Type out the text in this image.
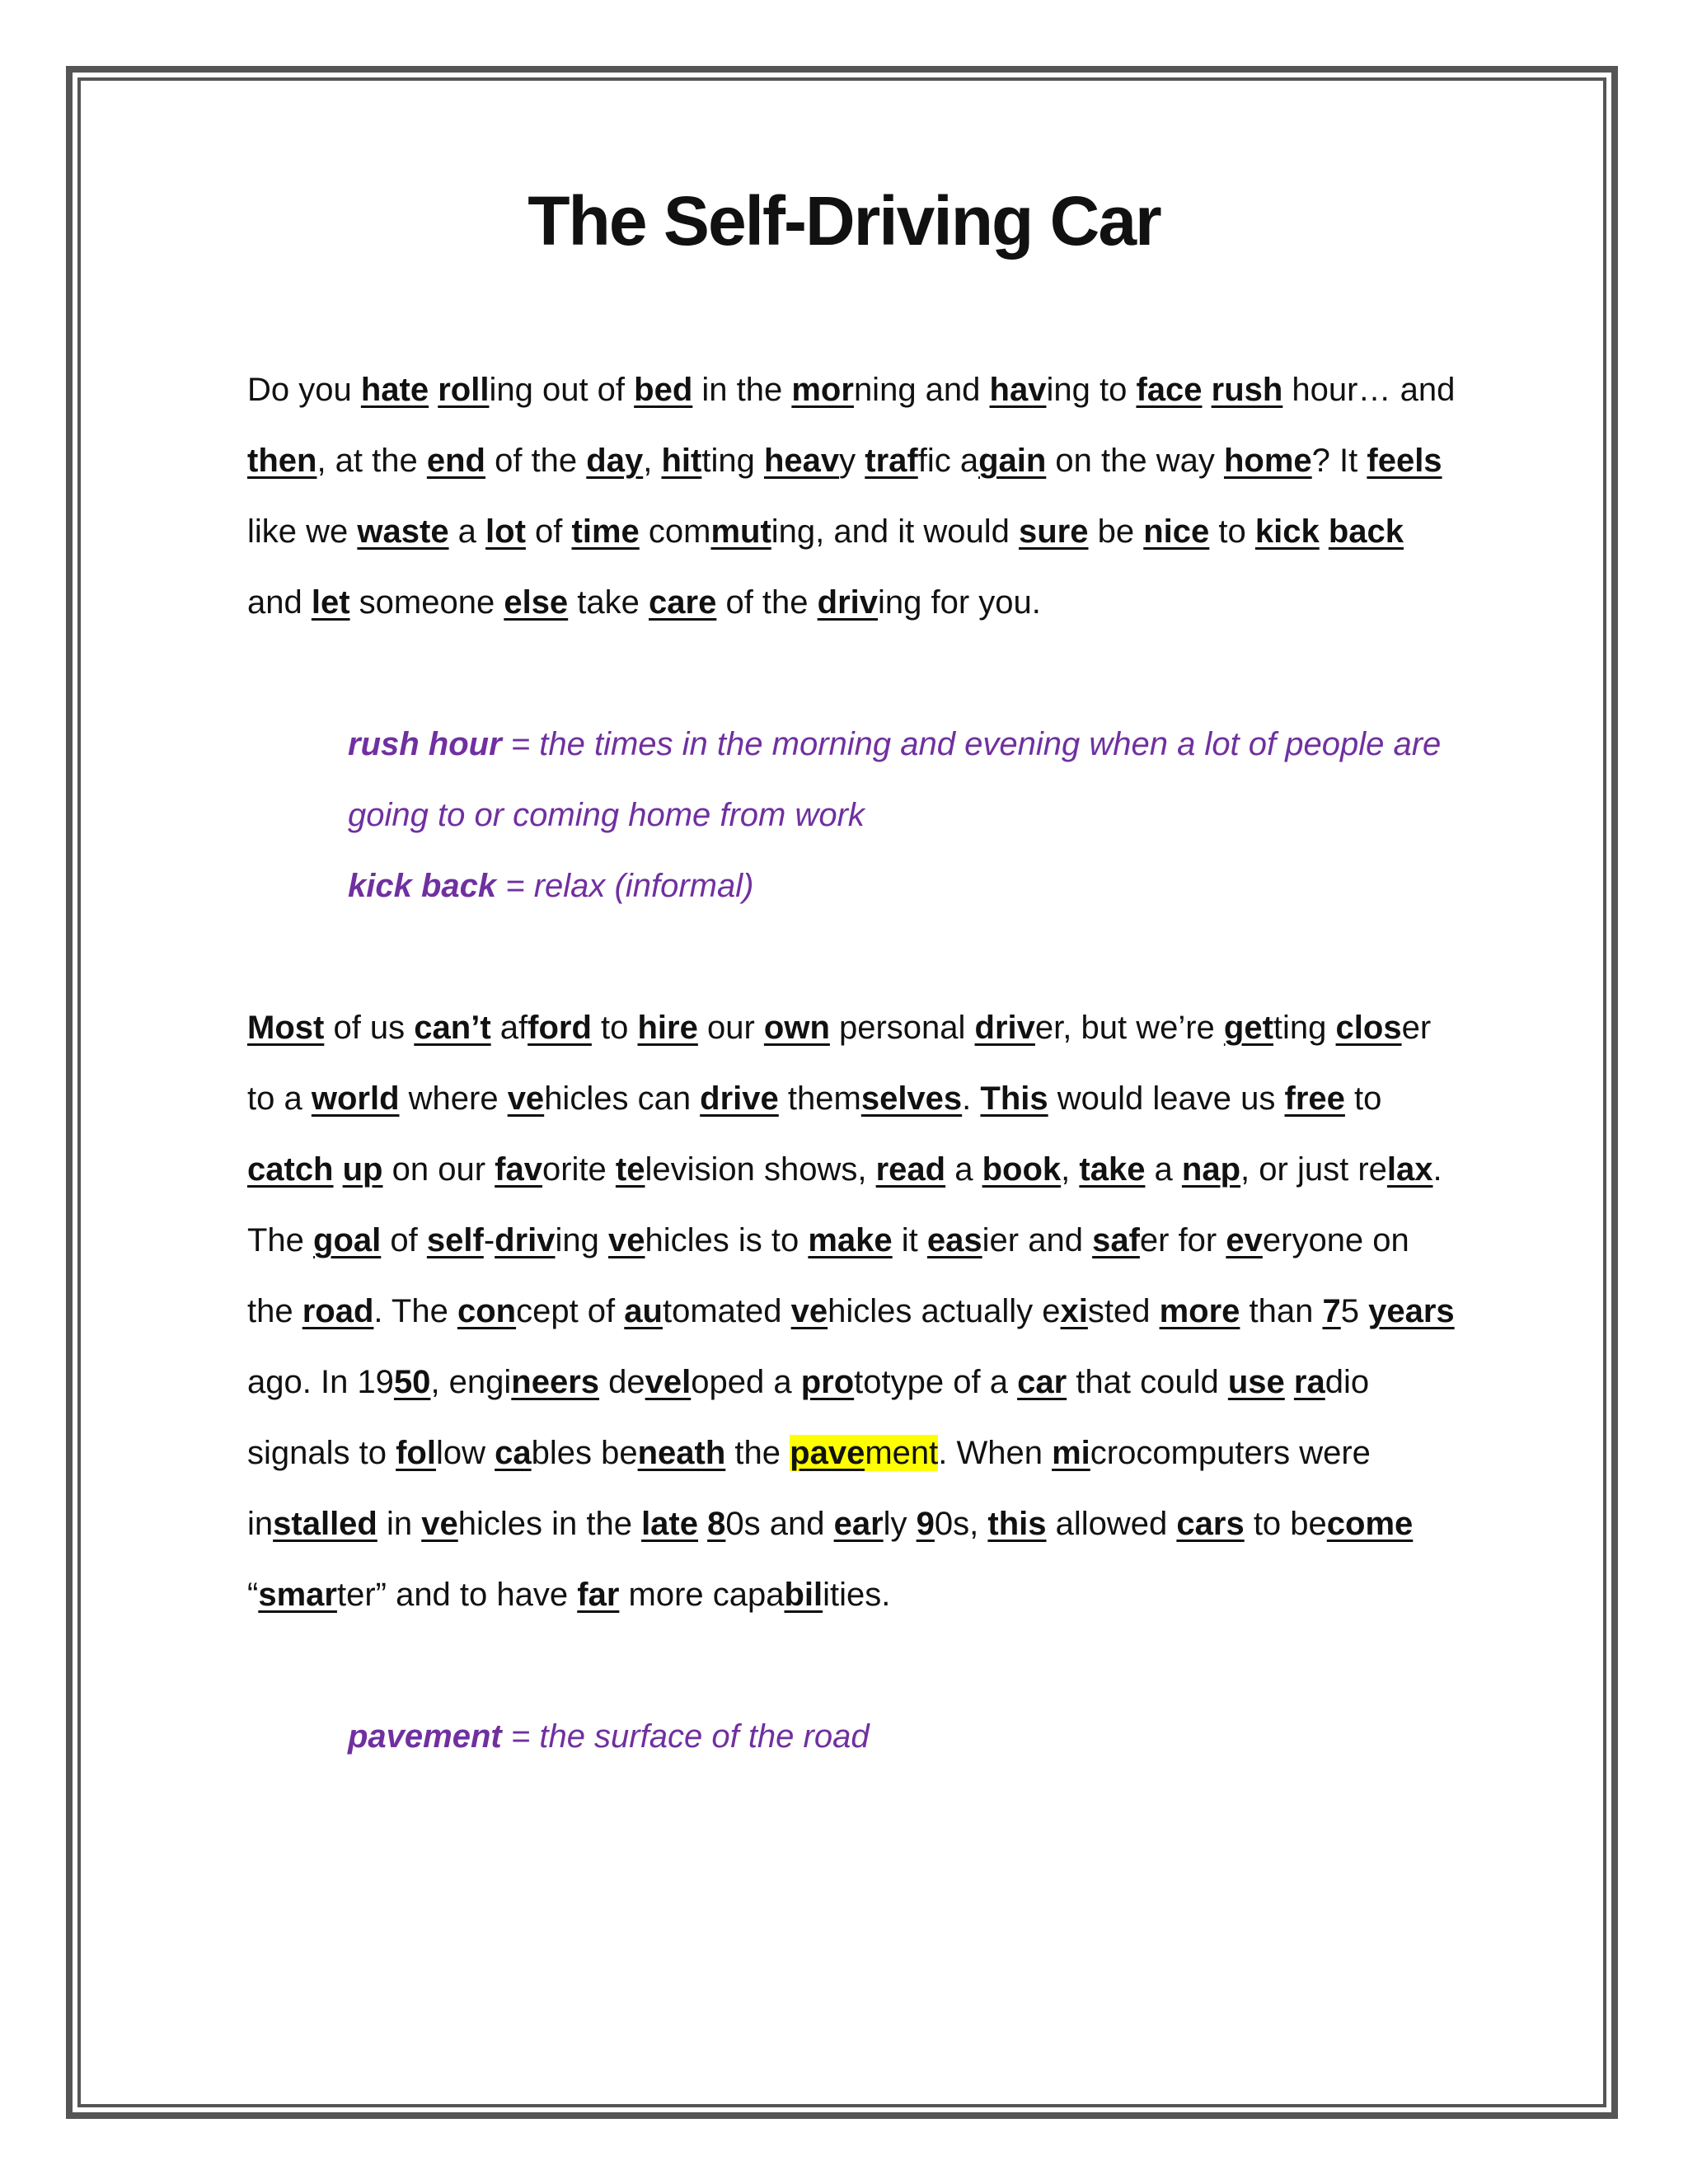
The Self-Driving Car

Do you hate rolling out of bed in the morning and having to face rush hour… and then, at the end of the day, hitting heavy traffic again on the way home? It feels like we waste a lot of time commuting, and it would sure be nice to kick back and let someone else take care of the driving for you.

rush hour = the times in the morning and evening when a lot of people are going to or coming home from work

kick back = relax (informal)

Most of us can’t afford to hire our own personal driver, but we’re getting closer to a world where vehicles can drive themselves. This would leave us free to catch up on our favorite television shows, read a book, take a nap, or just relax.

The goal of self-driving vehicles is to make it easier and safer for everyone on the road. The concept of automated vehicles actually existed more than 75 years ago. In 1950, engineers developed a prototype of a car that could use radio signals to follow cables beneath the pavement. When microcomputers were installed in vehicles in the late 80s and early 90s, this allowed cars to become “smarter” and to have far more capabilities.

pavement = the surface of the road
